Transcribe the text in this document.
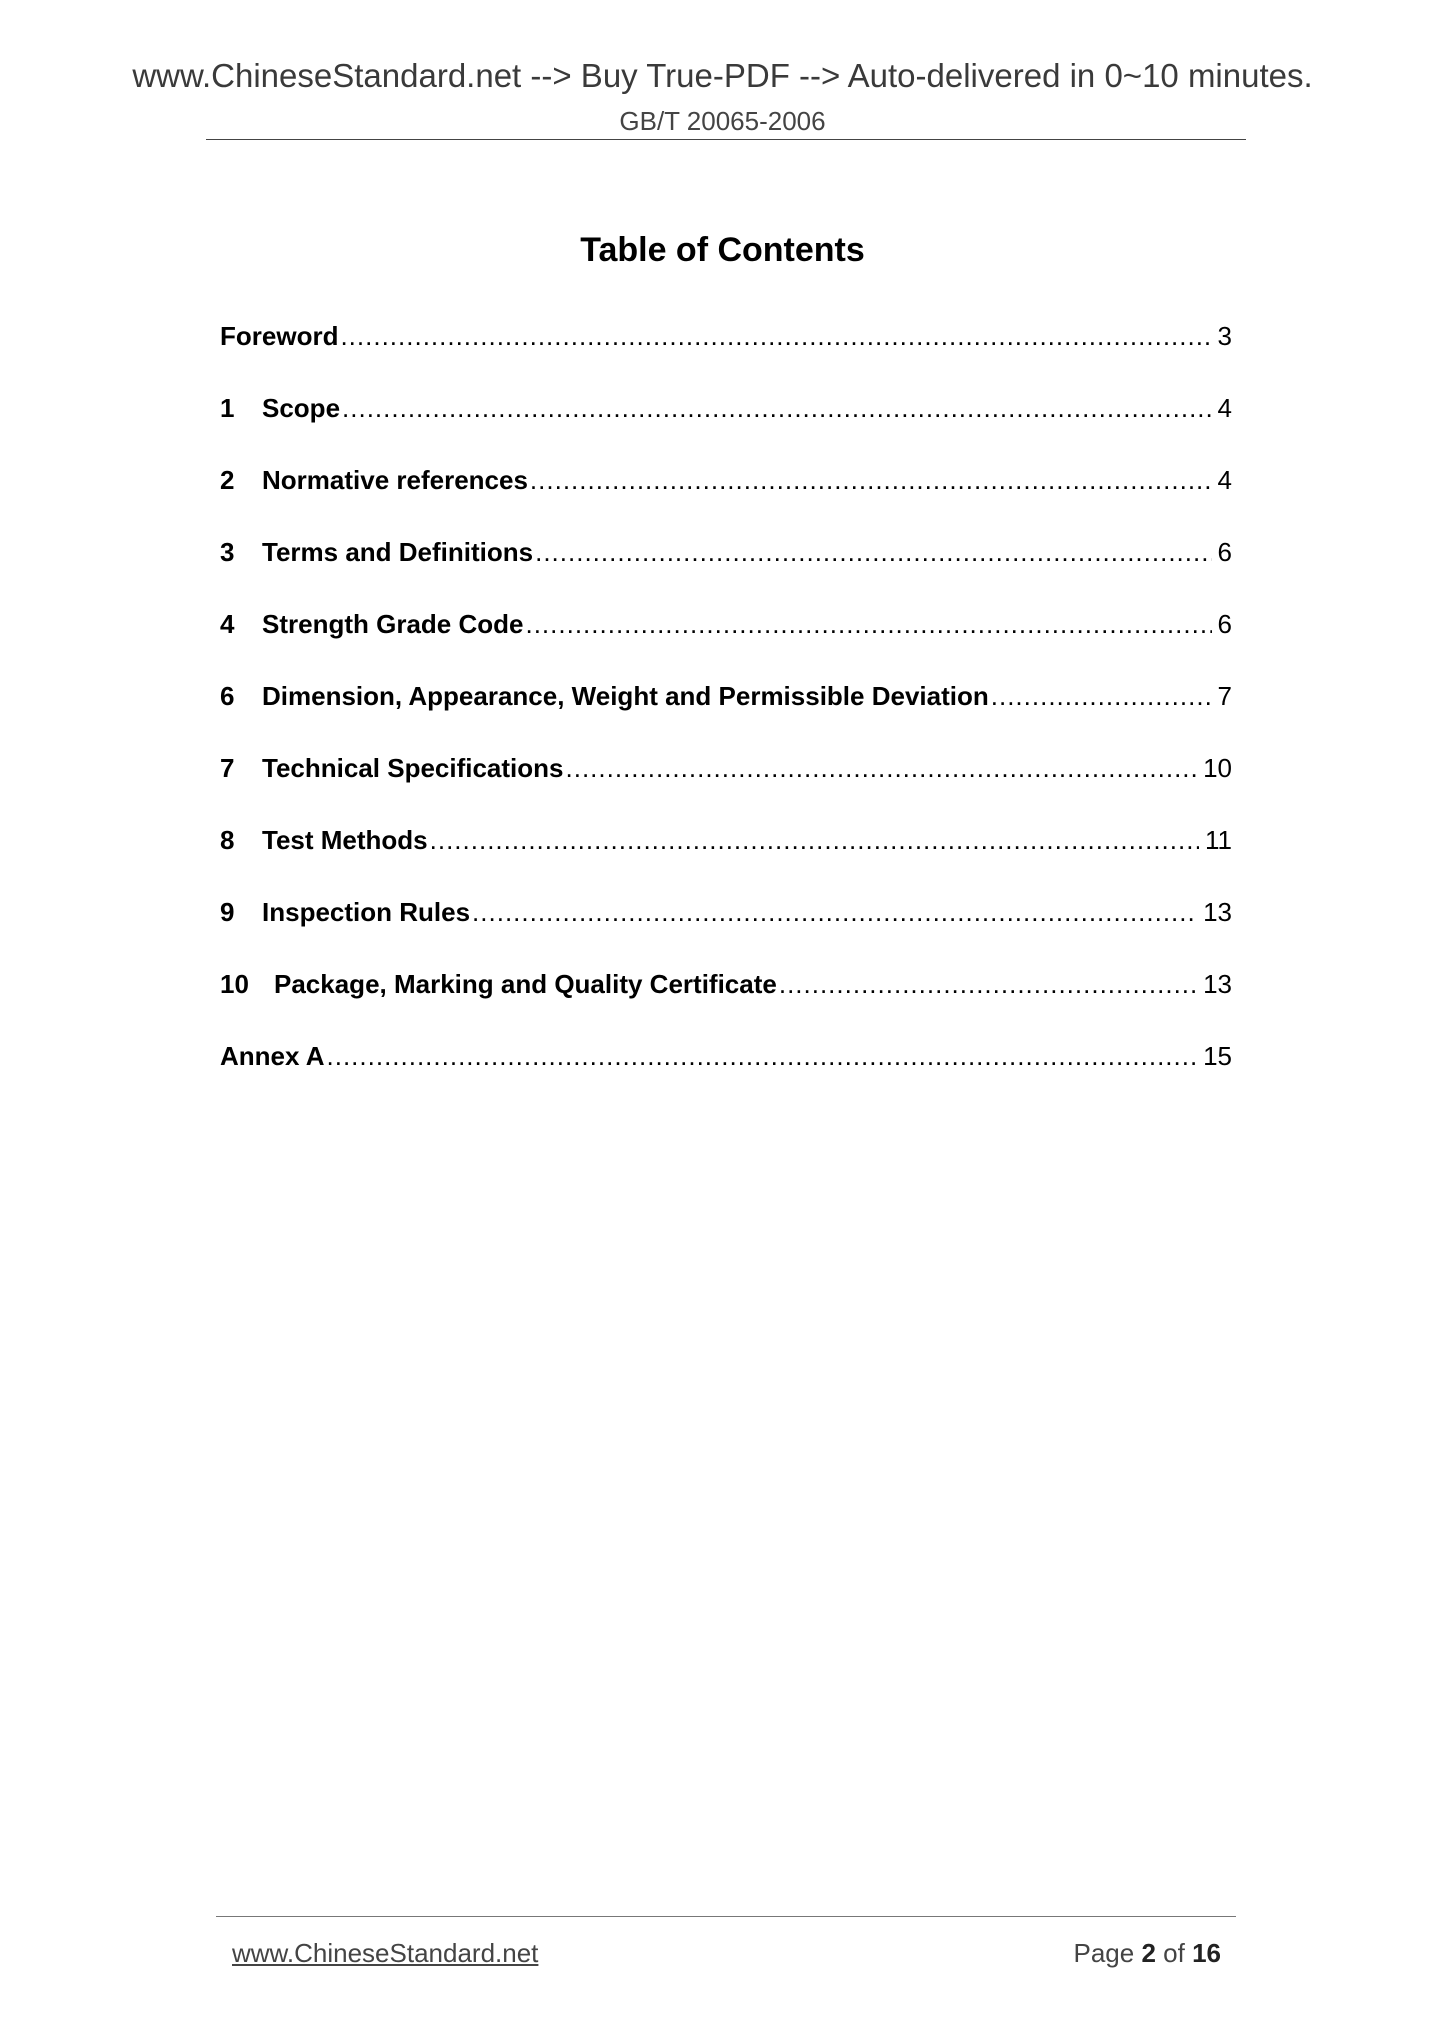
www.ChineseStandard.net --> Buy True-PDF --> Auto-delivered in 0~10 minutes.
GB/T 20065-2006
Table of Contents
Foreword .....	3
1	Scope .....	4
2	Normative references .....	4
3	Terms and Definitions .....	6
4	Strength Grade Code .....	6
6	Dimension, Appearance, Weight and Permissible Deviation .....	7
7	Technical Specifications .....	10
8	Test Methods .....	11
9	Inspection Rules .....	13
10 Package, Marking and Quality Certificate .....	13
Annex A .....	15
www.ChineseStandard.net	Page 2 of 16
